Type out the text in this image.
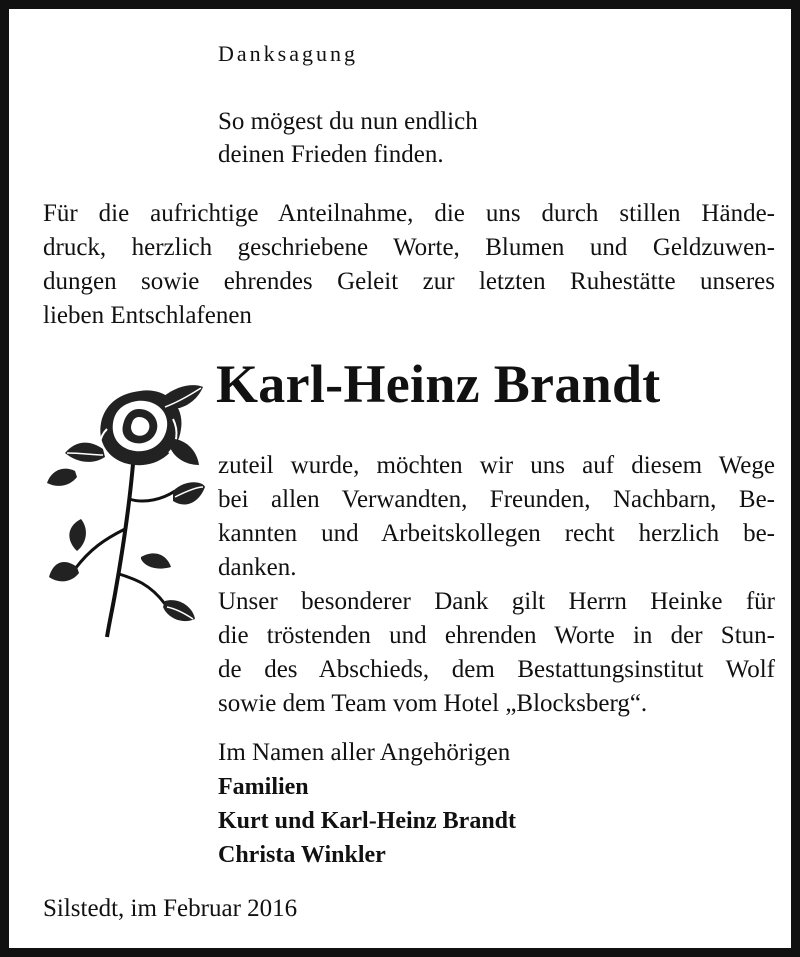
Danksagung
So mögest du nun endlich
deinen Frieden finden.
Für die aufrichtige Anteilnahme, die uns durch stillen Hände-
druck, herzlich geschriebene Worte, Blumen und Geldzuwen-
dungen sowie ehrendes Geleit zur letzten Ruhestätte unseres
lieben Entschlafenen
Karl-Heinz Brandt
zuteil wurde, möchten wir uns auf diesem Wege
bei allen Verwandten, Freunden, Nachbarn, Be-
kannten und Arbeitskollegen recht herzlich be-
danken.
Unser besonderer Dank gilt Herrn Heinke für
die tröstenden und ehrenden Worte in der Stun-
de des Abschieds, dem Bestattungsinstitut Wolf
sowie dem Team vom Hotel „Blocksberg“.
Im Namen aller Angehörigen
Familien
Kurt und Karl-Heinz Brandt
Christa Winkler
Silstedt, im Februar 2016
